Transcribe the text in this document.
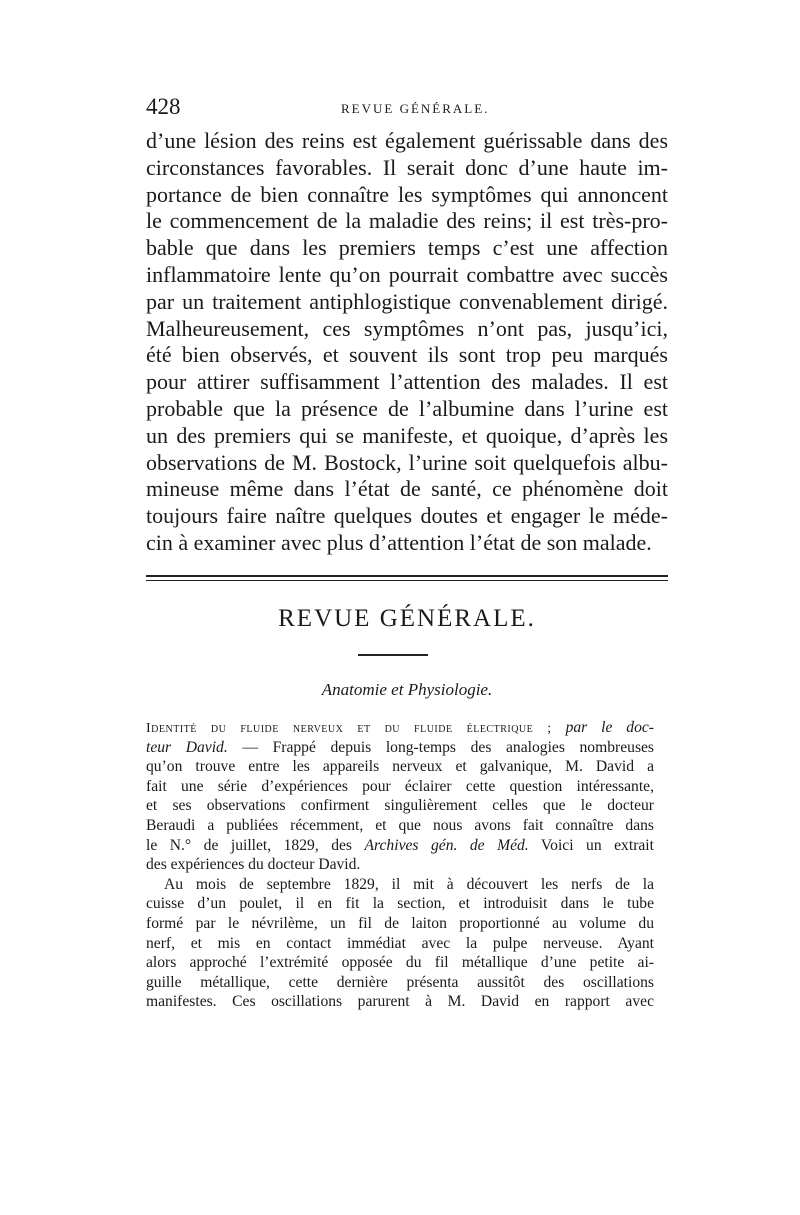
428	REVUE GÉNÉRALE.
d’une lésion des reins est également guérissable dans des
circonstances favorables. Il serait donc d’une haute im-
portance de bien connaître les symptômes qui annoncent
le commencement de la maladie des reins; il est très-pro-
bable que dans les premiers temps c’est une affection
inflammatoire lente qu’on pourrait combattre avec succès
par un traitement antiphlogistique convenablement dirigé.
Malheureusement, ces symptômes n’ont pas, jusqu’ici,
été bien observés, et souvent ils sont trop peu marqués
pour attirer suffisamment l’attention des malades. Il est
probable que la présence de l’albumine dans l’urine est
un des premiers qui se manifeste, et quoique, d’après les
observations de M. Bostock, l’urine soit quelquefois albu-
mineuse même dans l’état de santé, ce phénomène doit
toujours faire naître quelques doutes et engager le méde-
cin à examiner avec plus d’attention l’état de son malade.
REVUE GÉNÉRALE.
Anatomie et Physiologie.
Identité du fluide nerveux et du fluide électrique ; par le doc-
teur David. — Frappé depuis long-temps des analogies nombreuses
qu’on trouve entre les appareils nerveux et galvanique, M. David a
fait une série d’expériences pour éclairer cette question intéressante,
et ses observations confirment singulièrement celles que le docteur
Beraudi a publiées récemment, et que nous avons fait connaître dans
le N.° de juillet, 1829, des Archives gén. de Méd. Voici un extrait
des expériences du docteur David.
Au mois de septembre 1829, il mit à découvert les nerfs de la
cuisse d’un poulet, il en fit la section, et introduisit dans le tube
formé par le névrilème, un fil de laiton proportionné au volume du
nerf, et mis en contact immédiat avec la pulpe nerveuse. Ayant
alors approché l’extrémité opposée du fil métallique d’une petite ai-
guille métallique, cette dernière présenta aussitôt des oscillations
manifestes. Ces oscillations parurent à M. David en rapport avec
